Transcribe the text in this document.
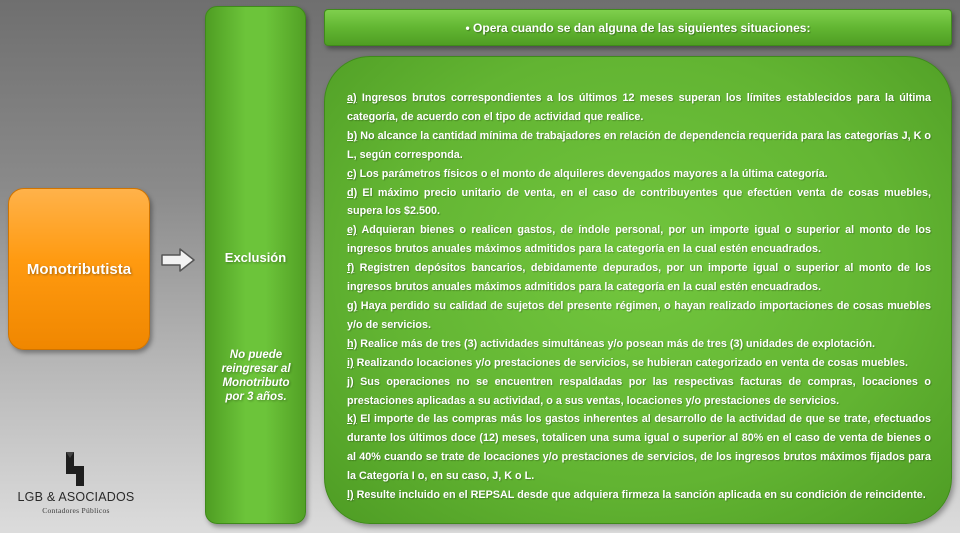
Monotributista
Exclusión
No puede reingresar al Monotributo por 3 años.
• Opera cuando se dan alguna de las siguientes situaciones:
a) Ingresos brutos correspondientes a los últimos 12 meses superan los límites establecidos para la última categoría, de acuerdo con el tipo de actividad que realice.
b) No alcance la cantidad mínima de trabajadores en relación de dependencia requerida para las categorías J, K o L, según corresponda.
c) Los parámetros físicos o el monto de alquileres devengados mayores a la última categoría.
d) El máximo precio unitario de venta, en el caso de contribuyentes que efectúen venta de cosas muebles, supera los $2.500.
e) Adquieran bienes o realicen gastos, de índole personal, por un importe igual o superior al monto de los ingresos brutos anuales máximos admitidos para la categoría en la cual estén encuadrados.
f) Registren depósitos bancarios, debidamente depurados, por un importe igual o superior al monto de los ingresos brutos anuales máximos admitidos para la categoría en la cual estén encuadrados.
g) Haya perdido su calidad de sujetos del presente régimen, o hayan realizado importaciones de cosas muebles y/o de servicios.
h) Realice más de tres (3) actividades simultáneas y/o posean más de tres (3) unidades de explotación.
i) Realizando locaciones y/o prestaciones de servicios, se hubieran categorizado en venta de cosas muebles.
j) Sus operaciones no se encuentren respaldadas por las respectivas facturas de compras, locaciones o prestaciones aplicadas a su actividad, o a sus ventas, locaciones y/o prestaciones de servicios.
k) El importe de las compras más los gastos inherentes al desarrollo de la actividad de que se trate, efectuados durante los últimos doce (12) meses, totalicen una suma igual o superior al 80% en el caso de venta de bienes o al 40% cuando se trate de locaciones y/o prestaciones de servicios, de los ingresos brutos máximos fijados para la Categoría I o, en su caso, J, K o L.
l) Resulte incluido en el REPSAL desde que adquiera firmeza la sanción aplicada en su condición de reincidente.
LGB & ASOCIADOS
Contadores Públicos
